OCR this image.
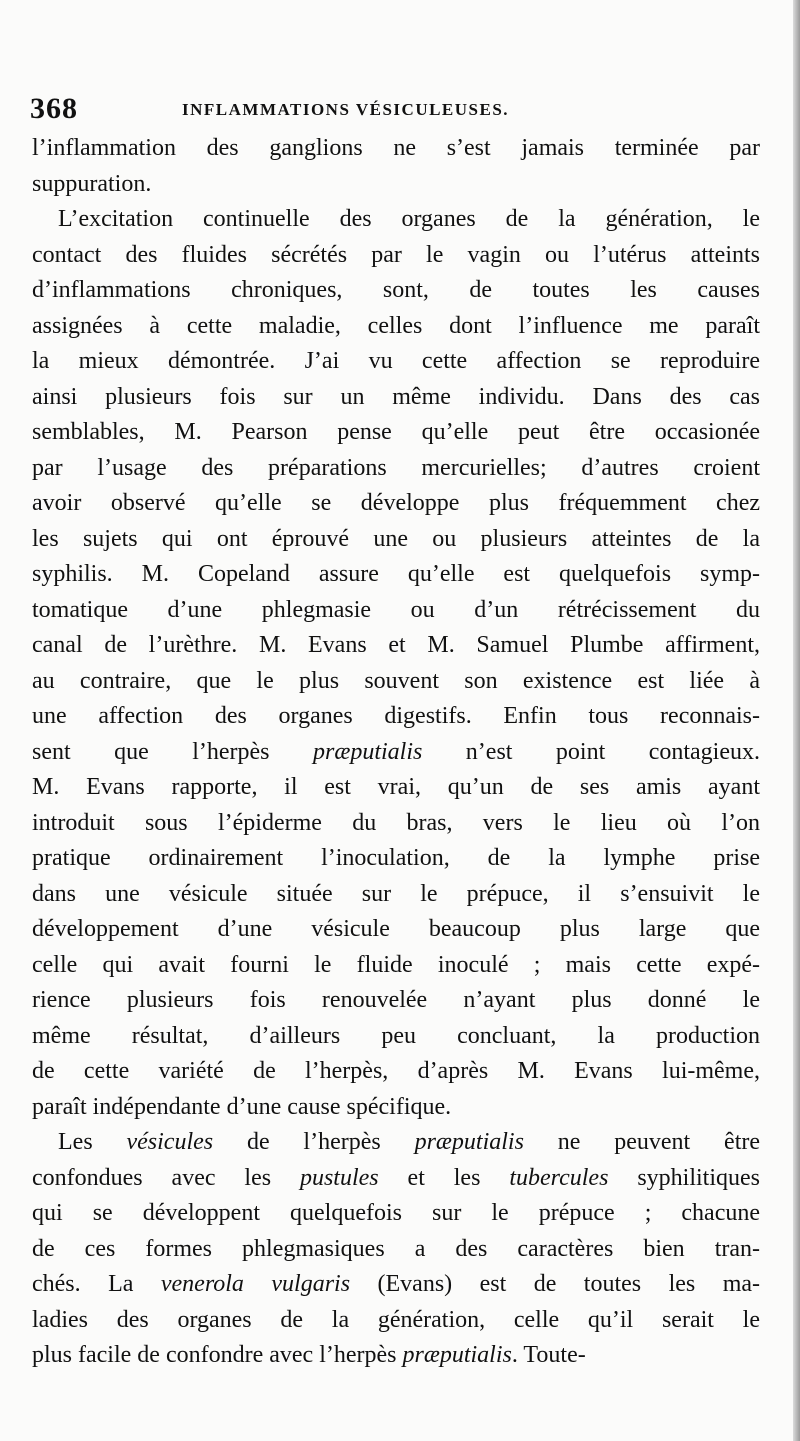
368	INFLAMMATIONS VÉSICULEUSES.
l’inflammation des ganglions ne s’est jamais terminée par
suppuration.
L’excitation continuelle des organes de la génération, le
contact des fluides sécrétés par le vagin ou l’utérus atteints
d’inflammations chroniques, sont, de toutes les causes
assignées à cette maladie, celles dont l’influence me paraît
la mieux démontrée. J’ai vu cette affection se reproduire
ainsi plusieurs fois sur un même individu. Dans des cas
semblables, M. Pearson pense qu’elle peut être occasionée
par l’usage des préparations mercurielles; d’autres croient
avoir observé qu’elle se développe plus fréquemment chez
les sujets qui ont éprouvé une ou plusieurs atteintes de la
syphilis. M. Copeland assure qu’elle est quelquefois symp-
tomatique d’une phlegmasie ou d’un rétrécissement du
canal de l’urèthre. M. Evans et M. Samuel Plumbe affirment,
au contraire, que le plus souvent son existence est liée à
une affection des organes digestifs. Enfin tous reconnais-
sent que l’herpès præputialis n’est point contagieux.
M. Evans rapporte, il est vrai, qu’un de ses amis ayant
introduit sous l’épiderme du bras, vers le lieu où l’on
pratique ordinairement l’inoculation, de la lymphe prise
dans une vésicule située sur le prépuce, il s’ensuivit le
développement d’une vésicule beaucoup plus large que
celle qui avait fourni le fluide inoculé ; mais cette expé-
rience plusieurs fois renouvelée n’ayant plus donné le
même résultat, d’ailleurs peu concluant, la production
de cette variété de l’herpès, d’après M. Evans lui-même,
paraît indépendante d’une cause spécifique.
Les vésicules de l’herpès præputialis ne peuvent être
confondues avec les pustules et les tubercules syphilitiques
qui se développent quelquefois sur le prépuce ; chacune
de ces formes phlegmasiques a des caractères bien tran-
chés. La venerola vulgaris (Evans) est de toutes les ma-
ladies des organes de la génération, celle qu’il serait le
plus facile de confondre avec l’herpès præputialis. Toute-
